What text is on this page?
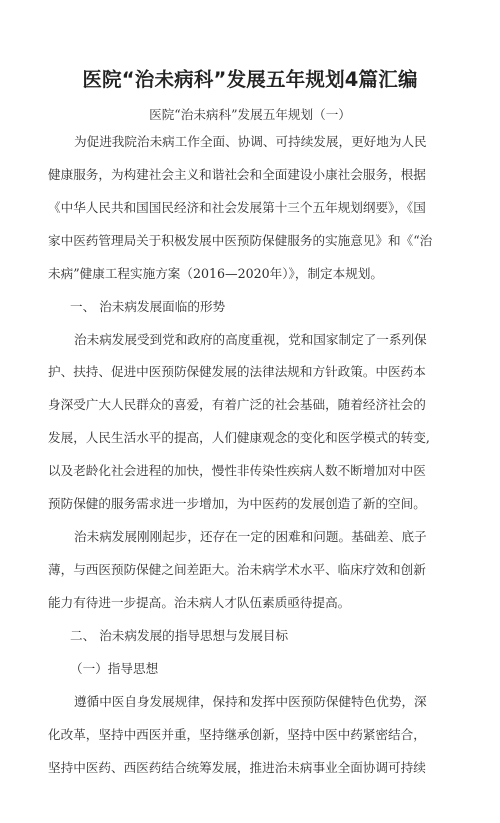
医院“治未病科”发展五年规划4篇汇编
医院“治未病科”发展五年规划（一）
为促进我院治未病工作全面、协调、可持续发展，更好地为人民
健康服务，为构建社会主义和谐社会和全面建设小康社会服务，根据
《中华人民共和国国民经济和社会发展第十三个五年规划纲要》，《国
家中医药管理局关于积极发展中医预防保健服务的实施意见》和《“治
未病”健康工程实施方案（2016—2020年）》，制定本规划。
一、 治未病发展面临的形势
治未病发展受到党和政府的高度重视，党和国家制定了一系列保
护、扶持、促进中医预防保健发展的法律法规和方针政策。中医药本
身深受广大人民群众的喜爱，有着广泛的社会基础，随着经济社会的
发展，人民生活水平的提高，人们健康观念的变化和医学模式的转变,
以及老龄化社会进程的加快，慢性非传染性疾病人数不断增加对中医
预防保健的服务需求进一步增加，为中医药的发展创造了新的空间。
治未病发展刚刚起步，还存在一定的困难和问题。基础差、底子
薄，与西医预防保健之间差距大。治未病学术水平、临床疗效和创新
能力有待进一步提高。治未病人才队伍素质亟待提高。
二、 治未病发展的指导思想与发展目标
（一）指导思想
遵循中医自身发展规律，保持和发挥中医预防保健特色优势，深
化改革，坚持中西医并重，坚持继承创新，坚持中医中药紧密结合，
坚持中医药、西医药结合统筹发展，推进治未病事业全面协调可持续
